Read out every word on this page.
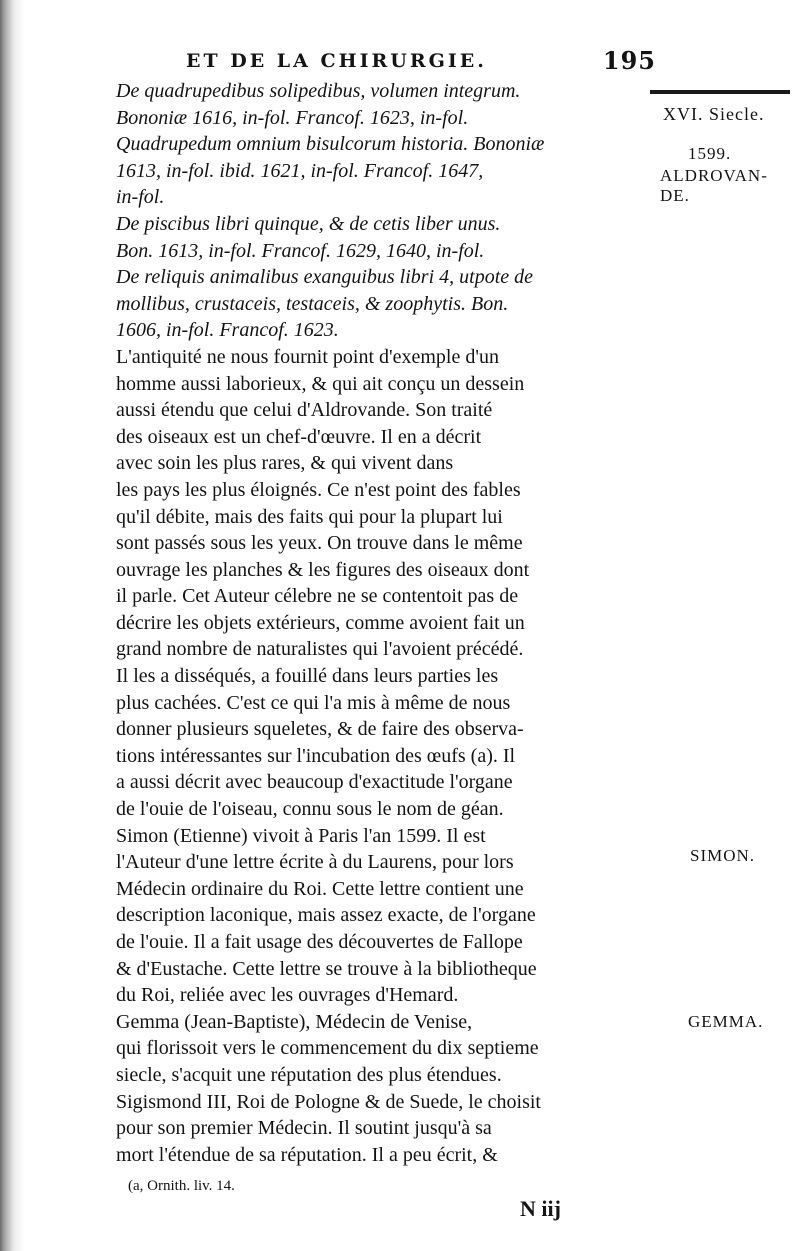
ET DE LA CHIRURGIE.	195

De quadrupedibus solipedibus, volumen integrum.
Bononiæ 1616, in-fol. Francof. 1623, in-fol.

Quadrupedum omnium bisulcorum historia. Bononiæ
1613, in-fol. ibid. 1621, in-fol. Francof. 1647,
in-fol.

De piscibus libri quinque, & de cetis liber unus.
Bon. 1613, in-fol. Francof. 1629, 1640, in-fol.

De reliquis animalibus exanguibus libri 4, utpote de
mollibus, crustaceis, testaceis, & zoophytis. Bon.
1606, in-fol. Francof. 1623.

L'antiquité ne nous fournit point d'exemple d'un
homme aussi laborieux, & qui ait conçu un dessein
aussi étendu que celui d'Aldrovande. Son traité
des oiseaux est un chef-d'œuvre. Il en a décrit
avec soin les plus rares, & qui vivent dans
les pays les plus éloignés. Ce n'est point des fables
qu'il débite, mais des faits qui pour la plupart lui
sont passés sous les yeux. On trouve dans le même
ouvrage les planches & les figures des oiseaux dont
il parle. Cet Auteur célebre ne se contentoit pas de
décrire les objets extérieurs, comme avoient fait un
grand nombre de naturalistes qui l'avoient précédé.
Il les a disséqués, a fouillé dans leurs parties les
plus cachées. C'est ce qui l'a mis à même de nous
donner plusieurs squeletes, & de faire des observa-
tions intéressantes sur l'incubation des œufs (a). Il
a aussi décrit avec beaucoup d'exactitude l'organe
de l'ouie de l'oiseau, connu sous le nom de géan.

Simon (Etienne) vivoit à Paris l'an 1599. Il est
l'Auteur d'une lettre écrite à du Laurens, pour lors
Médecin ordinaire du Roi. Cette lettre contient une
description laconique, mais assez exacte, de l'organe
de l'ouie. Il a fait usage des découvertes de Fallope
& d'Eustache. Cette lettre se trouve à la bibliotheque
du Roi, reliée avec les ouvrages d'Hemard.

Gemma (Jean-Baptiste), Médecin de Venise,
qui florissoit vers le commencement du dix septieme
siecle, s'acquit une réputation des plus étendues.
Sigismond III, Roi de Pologne & de Suede, le choisit
pour son premier Médecin. Il soutint jusqu'à sa
mort l'étendue de sa réputation. Il a peu écrit, &

XVI. Siecle.
1599.
ALDROVAN-DE.
SIMON.
GEMMA.
(a, Ornith. liv. 14.
N iij
